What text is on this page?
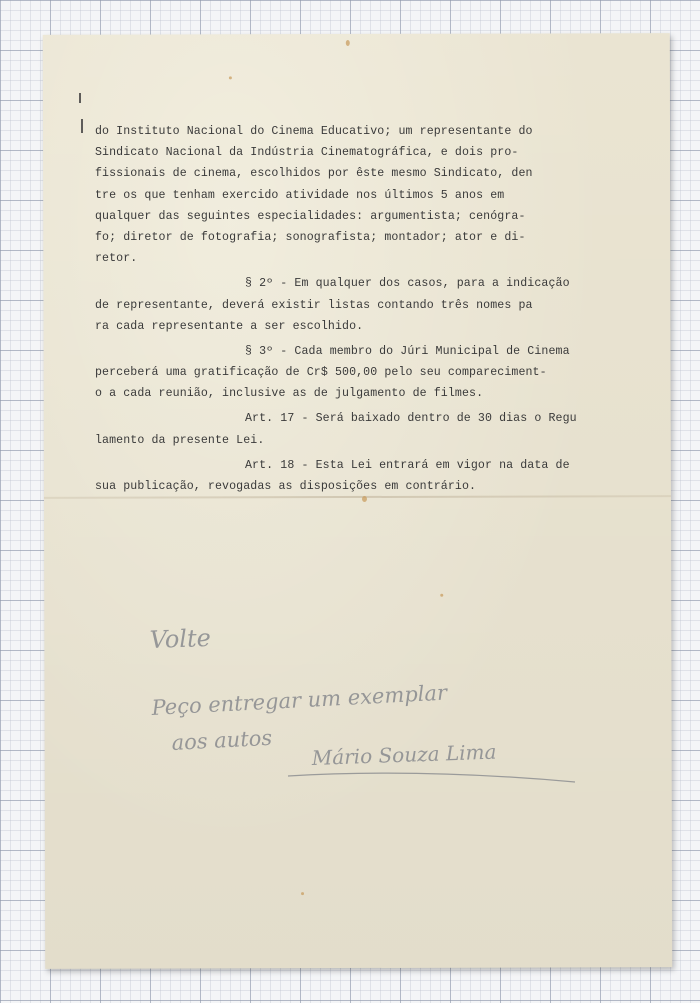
do Instituto Nacional do Cinema Educativo; um representante do
Sindicato Nacional da Indústria Cinematográfica, e dois pro-
fissionais de cinema, escolhidos por êste mesmo Sindicato, den
tre os que tenham exercido atividade nos últimos 5 anos em
qualquer das seguintes especialidades: argumentista; cenógra-
fo; diretor de fotografia; sonografista; montador; ator e di-
retor.
§ 2º - Em qualquer dos casos, para a indicação
de representante, deverá existir listas contando três nomes pa
ra cada representante a ser escolhido.
§ 3º - Cada membro do Júri Municipal de Cinema
perceberá uma gratificação de Cr$ 500,00 pelo seu compareciment-
o a cada reunião, inclusive as de julgamento de filmes.
Art. 17 - Será baixado dentro de 30 dias o Regu
lamento da presente Lei.
Art. 18 - Esta Lei entrará em vigor na data de
sua publicação, revogadas as disposições em contrário.
Volte
Peço entregar um exemplar
aos autos Mário Souza Lima
